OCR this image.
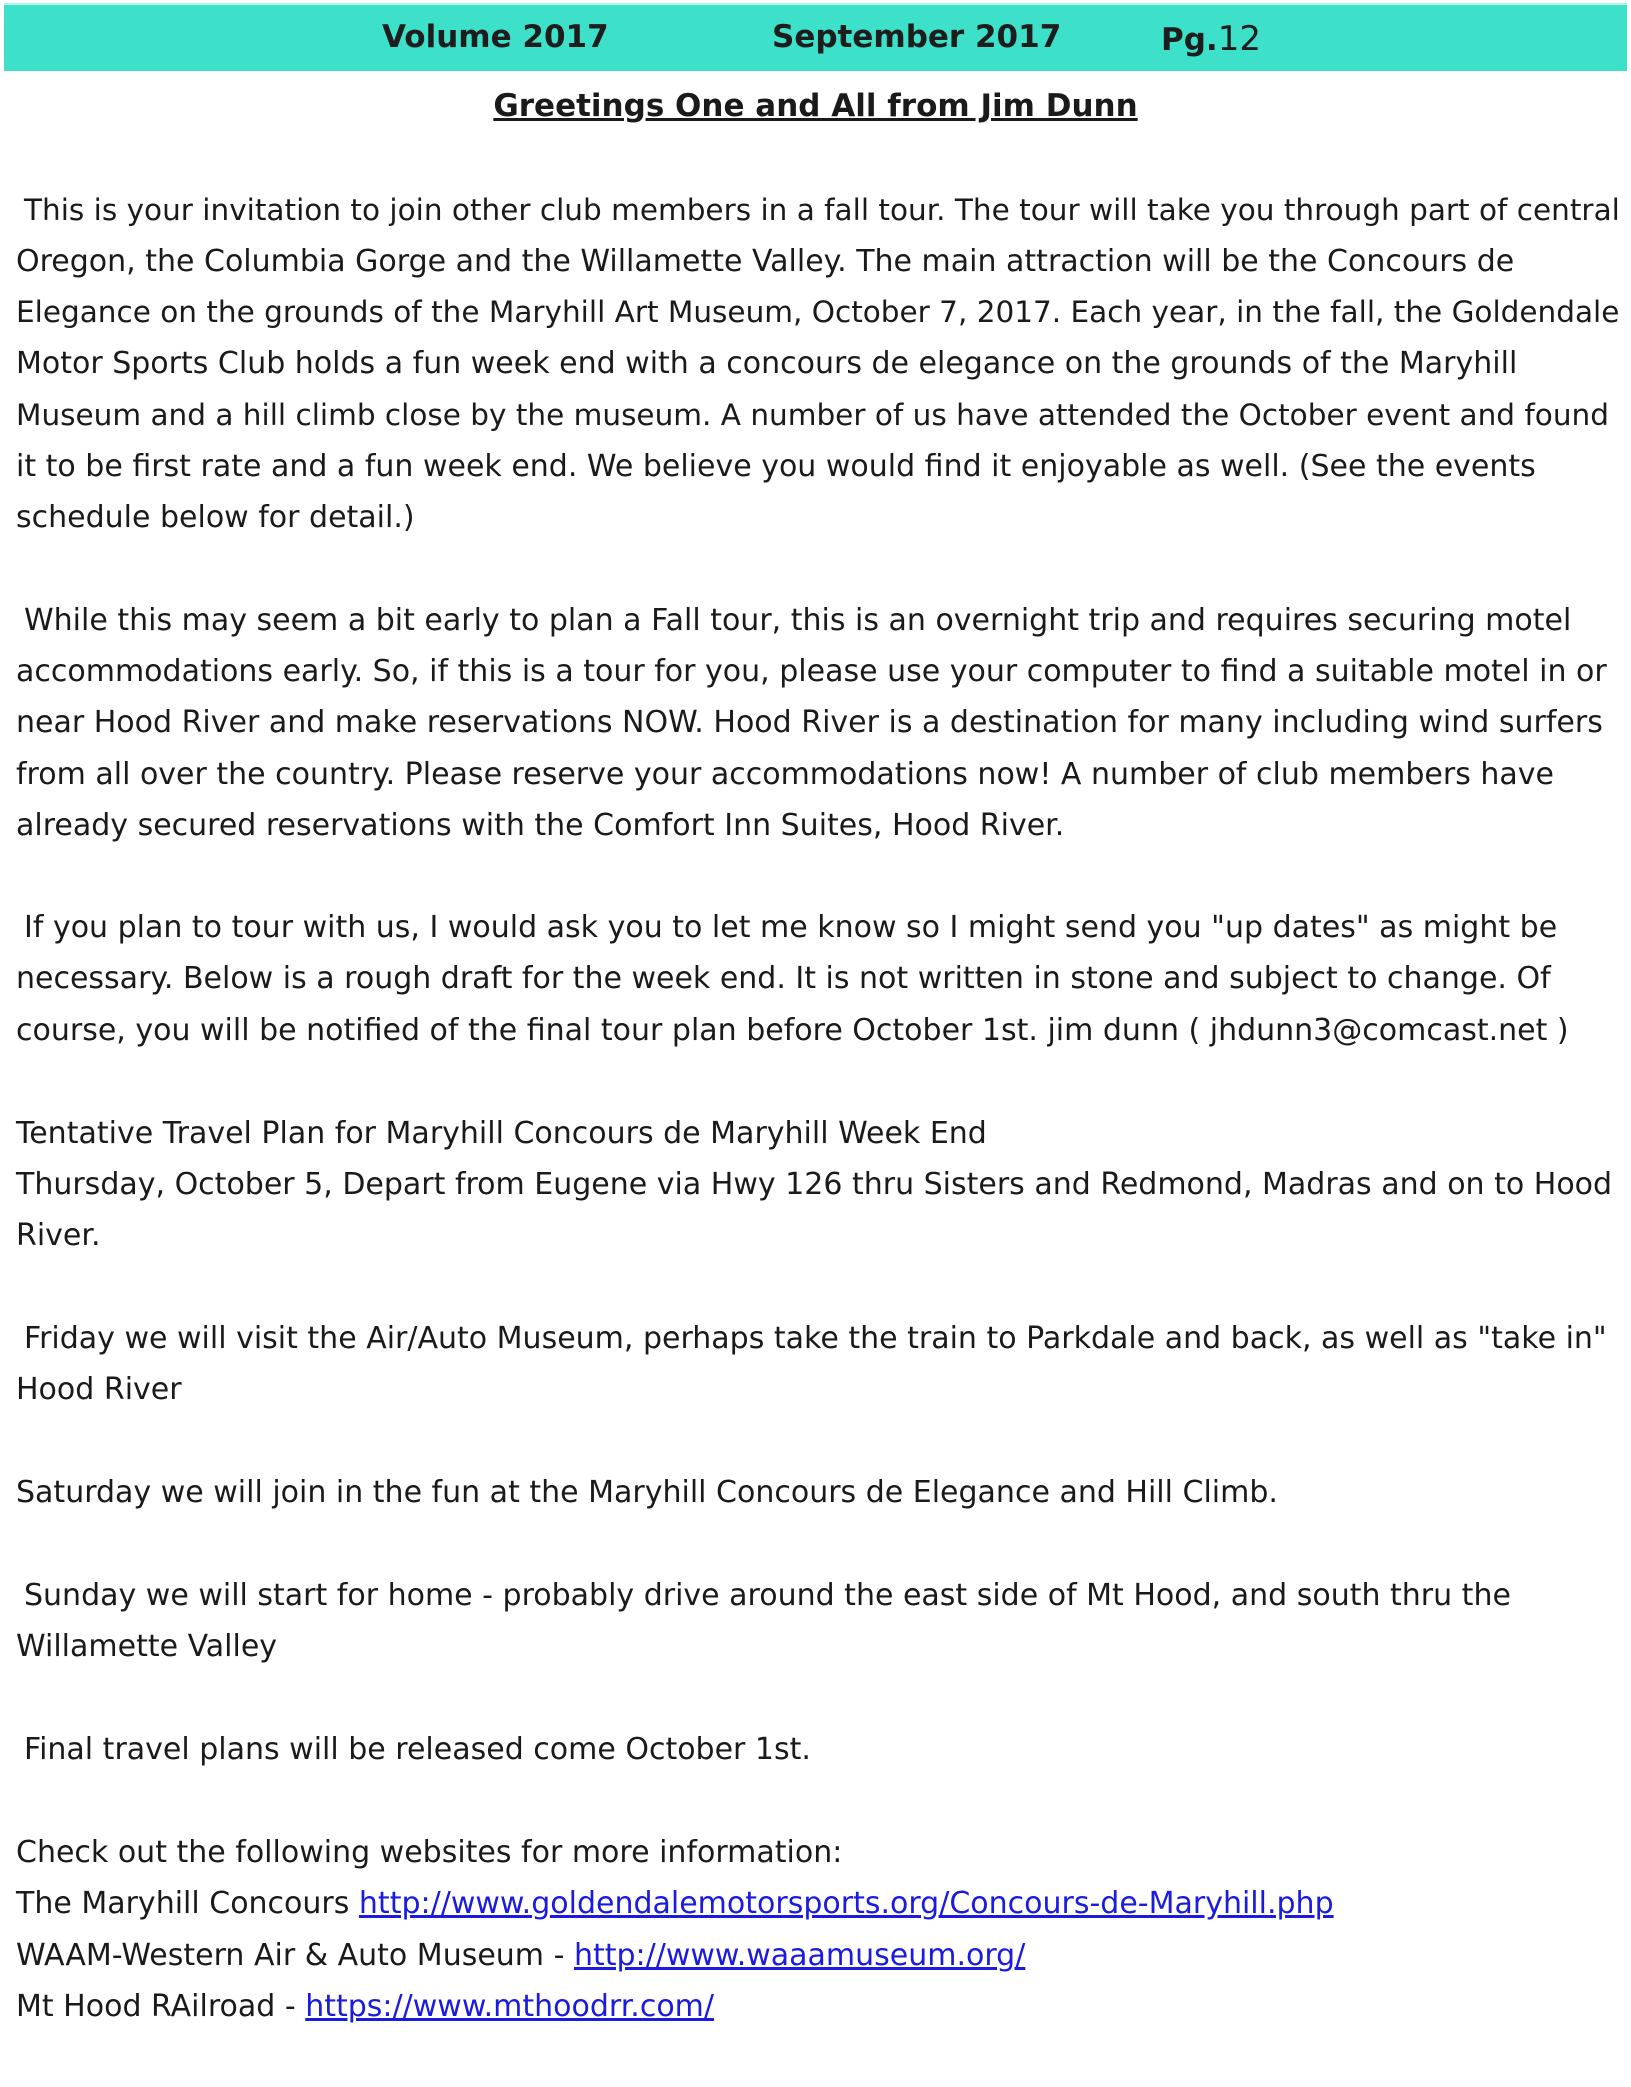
Volume 2017	September 2017	Pg.12
Greetings One and All from Jim Dunn
This is your invitation to join other club members in a fall tour. The tour will take you through part of central
Oregon, the Columbia Gorge and the Willamette Valley. The main attraction will be the Concours de
Elegance on the grounds of the Maryhill Art Museum, October 7, 2017. Each year, in the fall, the Goldendale
Motor Sports Club holds a fun week end with a concours de elegance on the grounds of the Maryhill
Museum and a hill climb close by the museum. A number of us have attended the October event and found
it to be first rate and a fun week end. We believe you would find it enjoyable as well. (See the events
schedule below for detail.)
While this may seem a bit early to plan a Fall tour, this is an overnight trip and requires securing motel
accommodations early. So, if this is a tour for you, please use your computer to find a suitable motel in or
near Hood River and make reservations NOW. Hood River is a destination for many including wind surfers
from all over the country. Please reserve your accommodations now! A number of club members have
already secured reservations with the Comfort Inn Suites, Hood River.
If you plan to tour with us, I would ask you to let me know so I might send you "up dates" as might be
necessary. Below is a rough draft for the week end. It is not written in stone and subject to change. Of
course, you will be notified of the final tour plan before October 1st. jim dunn ( jhdunn3@comcast.net )
Tentative Travel Plan for Maryhill Concours de Maryhill Week End
Thursday, October 5, Depart from Eugene via Hwy 126 thru Sisters and Redmond, Madras and on to Hood
River.
Friday we will visit the Air/Auto Museum, perhaps take the train to Parkdale and back, as well as "take in"
Hood River
Saturday we will join in the fun at the Maryhill Concours de Elegance and Hill Climb.
Sunday we will start for home - probably drive around the east side of Mt Hood, and south thru the
Willamette Valley
Final travel plans will be released come October 1st.
Check out the following websites for more information:
The Maryhill Concours http://www.goldendalemotorsports.org/Concours-de-Maryhill.php
WAAM-Western Air & Auto Museum - http://www.waaamuseum.org/
Mt Hood RAilroad - https://www.mthoodrr.com/
